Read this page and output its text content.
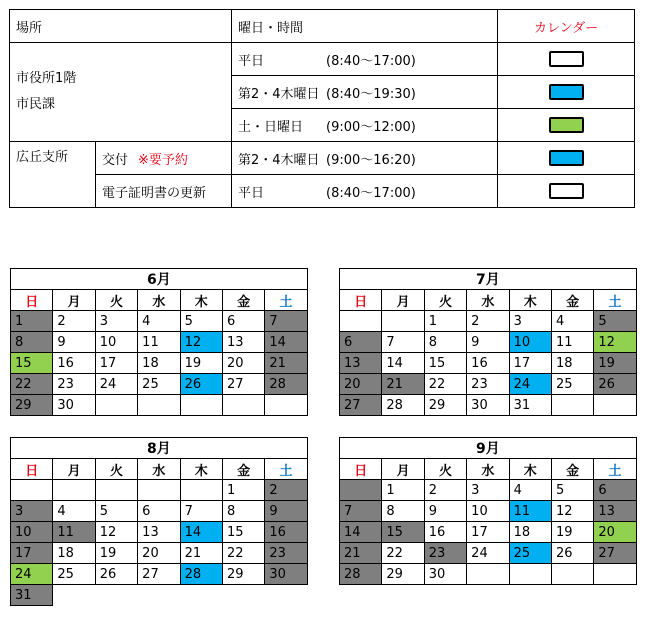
場所		曜日・時間	カレンダー

市役所1階
市民課		平日 (8:40～17:00)	
		第2・4木曜日 (8:40～19:30)	
		土・日曜日 (9:00～12:00)	
広丘支所	交付 ※要予約	第2・4木曜日 (9:00～16:20)	
	電子証明書の更新	平日 (8:40～17:00)	
6月						
日	月	火	水	木	金	土
1	2	3	4	5	6	7
8	9	10	11	12	13	14
15	16	17	18	19	20	21
22	23	24	25	26	27	28
29	30					
7月						
日	月	火	水	木	金	土
		1	2	3	4	5
6	7	8	9	10	11	12
13	14	15	16	17	18	19
20	21	22	23	24	25	26
27	28	29	30	31		
8月						
日	月	火	水	木	金	土
					1	2
3	4	5	6	7	8	9
10	11	12	13	14	15	16
17	18	19	20	21	22	23
24	25	26	27	28	29	30
31						
9月						
日	月	火	水	木	金	土
	1	2	3	4	5	6
7	8	9	10	11	12	13
14	15	16	17	18	19	20
21	22	23	24	25	26	27
28	29	30				
